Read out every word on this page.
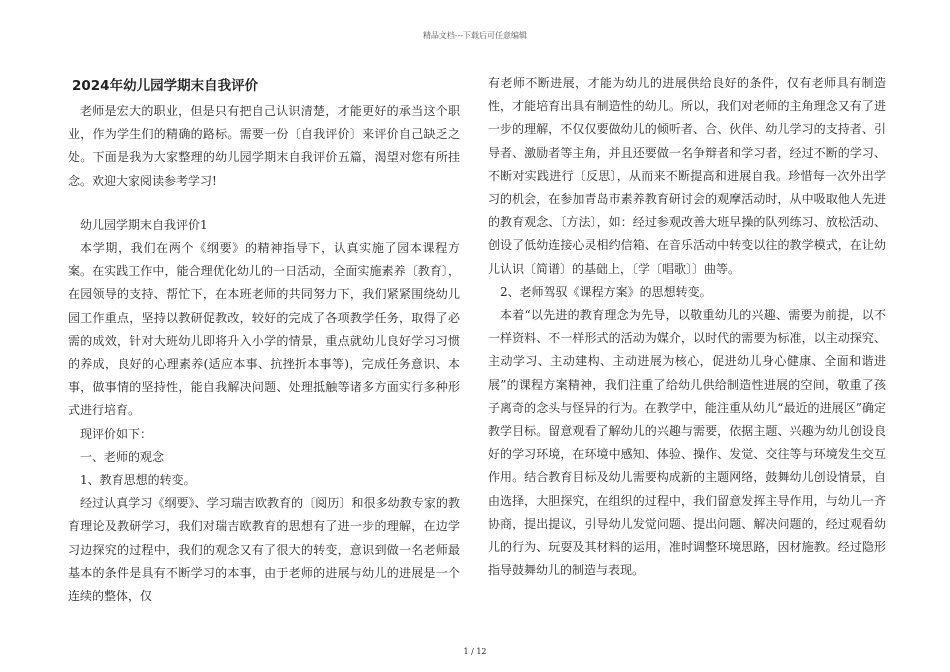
精品文档---下载后可任意编辑
2024年幼儿园学期末自我评价

老师是宏大的职业，但是只有把自己认识清楚，才能更好的承当这个职业，作为学生们的精确的路标。需要一份〔自我评价〕来评价自己缺乏之处。下面是我为大家整理的幼儿园学期末自我评价五篇，渴望对您有所挂念。欢迎大家阅读参考学习!

幼儿园学期末自我评价1

本学期，我们在两个《纲要》的精神指导下，认真实施了园本课程方案。在实践工作中，能合理优化幼儿的一日活动，全面实施素养〔教育〕，在园领导的支持、帮忙下，在本班老师的共同努力下，我们紧紧围绕幼儿园工作重点，坚持以教研促教改，较好的完成了各项教学任务，取得了必需的成效，针对大班幼儿即将升入小学的情景，重点就幼儿良好学习习惯的养成，良好的心理素养(适应本事、抗挫折本事等)，完成任务意识、本事，做事情的坚持性，能自我解决问题、处理抵触等诸多方面实行多种形式进行培育。

现评价如下：

一、老师的观念

1、教育思想的转变。

经过认真学习《纲要》、学习瑞吉欧教育的〔阅历〕和很多幼教专家的教育理论及教研学习，我们对瑞吉欧教育的思想有了进一步的理解，在边学习边探究的过程中，我们的观念又有了很大的转变，意识到做一名老师最基本的条件是具有不断学习的本事，由于老师的进展与幼儿的进展是一个连续的整体，仅

有老师不断进展，才能为幼儿的进展供给良好的条件，仅有老师具有制造性，才能培育出具有制造性的幼儿。所以，我们对老师的主角理念又有了进一步的理解，不仅仅要做幼儿的倾听者、合、伙伴、幼儿学习的支持者、引导者、激励者等主角，并且还要做一名争辩者和学习者，经过不断的学习、不断对实践进行〔反思〕，从而来不断提高和进展自我。珍惜每一次外出学习的机会，在参加青岛市素养教育研讨会的观摩活动时，从中吸取他人先进的教育观念、〔方法〕，如：经过参观改善大班早操的队列练习、放松活动、创设了低幼连接心灵相约信箱、在音乐活动中转变以往的教学模式，在让幼儿认识〔简谱〕的基础上，〔学〔唱歌〕〕曲等。

2、老师驾驭《课程方案》的思想转变。

本着“以先进的教育理念为先导，以敬重幼儿的兴趣、需要为前提，以不一样资料、不一样形式的活动为媒介，以时代的需要为标准，以主动探究、主动学习、主动建构、主动进展为核心，促进幼儿身心健康、全面和谐进展”的课程方案精神，我们注重了给幼儿供给制造性进展的空间，敬重了孩子离奇的念头与怪异的行为。在教学中，能注重从幼儿“最近的进展区”确定教学目标。留意观看了解幼儿的兴趣与需要，依据主题、兴趣为幼儿创设良好的学习环境，在环境中感知、体验、操作、发觉、交往等与环境发生交互作用。结合教育目标及幼儿需要构成新的主题网络，鼓舞幼儿创设情景，自由选择，大胆探究，在组织的过程中，我们留意发挥主导作用，与幼儿一齐协商，提出提议，引导幼儿发觉问题、提出问题、解决问题的，经过观看幼儿的行为、玩耍及其材料的运用，准时调整环境思路，因材施教。经过隐形指导鼓舞幼儿的制造与表现。

1 / 12
